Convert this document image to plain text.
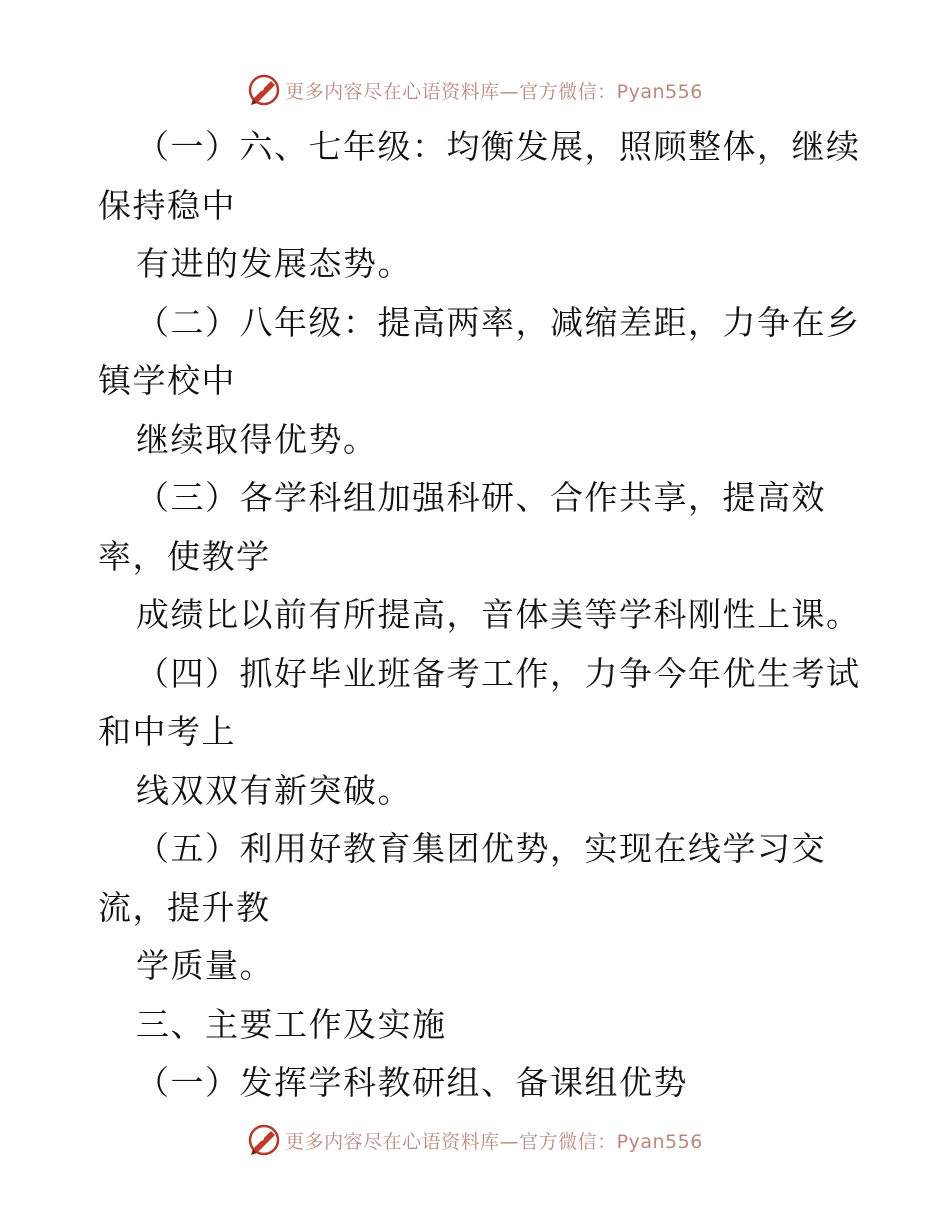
更多内容尽在心语资料库—官方微信：Pyan556
（一）六、七年级：均衡发展，照顾整体，继续
保持稳中
有进的发展态势。
（二）八年级：提高两率，减缩差距，力争在乡
镇学校中
继续取得优势。
（三）各学科组加强科研、合作共享，提高效
率，使教学
成绩比以前有所提高，音体美等学科刚性上课。
（四）抓好毕业班备考工作，力争今年优生考试
和中考上
线双双有新突破。
（五）利用好教育集团优势，实现在线学习交
流，提升教
学质量。
三、主要工作及实施
（一）发挥学科教研组、备课组优势
更多内容尽在心语资料库—官方微信：Pyan556
